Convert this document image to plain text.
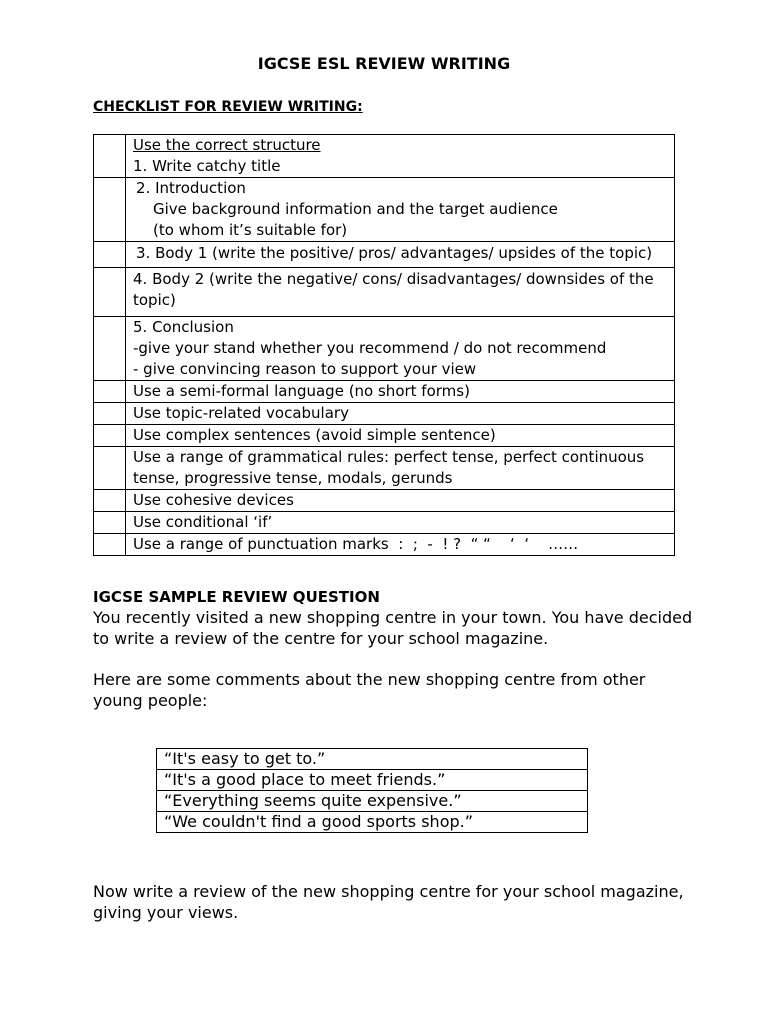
IGCSE ESL REVIEW WRITING
CHECKLIST FOR REVIEW WRITING:

	Use the correct structure
1. Write catchy title

	2. Introduction
Give background information and the target audience
(to whom it’s suitable for)

	3. Body 1 (write the positive/ pros/ advantages/ upsides of the topic)

	4. Body 2 (write the negative/ cons/ disadvantages/ downsides of the topic)

	5. Conclusion
-give your stand whether you recommend / do not recommend
- give convincing reason to support your view

	Use a semi-formal language (no short forms)

	Use topic-related vocabulary

	Use complex sentences (avoid simple sentence)

	Use a range of grammatical rules: perfect tense, perfect continuous tense, progressive tense, modals, gerunds

	Use cohesive devices

	Use conditional ‘if’

	Use a range of punctuation marks  :  ;  -  ! ?  “ “    ‘  ‘    ……
IGCSE SAMPLE REVIEW QUESTION
You recently visited a new shopping centre in your town. You have decided to write a review of the centre for your school magazine.
Here are some comments about the new shopping centre from other young people:
“It's easy to get to.”
“It's a good place to meet friends.”
“Everything seems quite expensive.”
“We couldn't find a good sports shop.”
Now write a review of the new shopping centre for your school magazine, giving your views.
